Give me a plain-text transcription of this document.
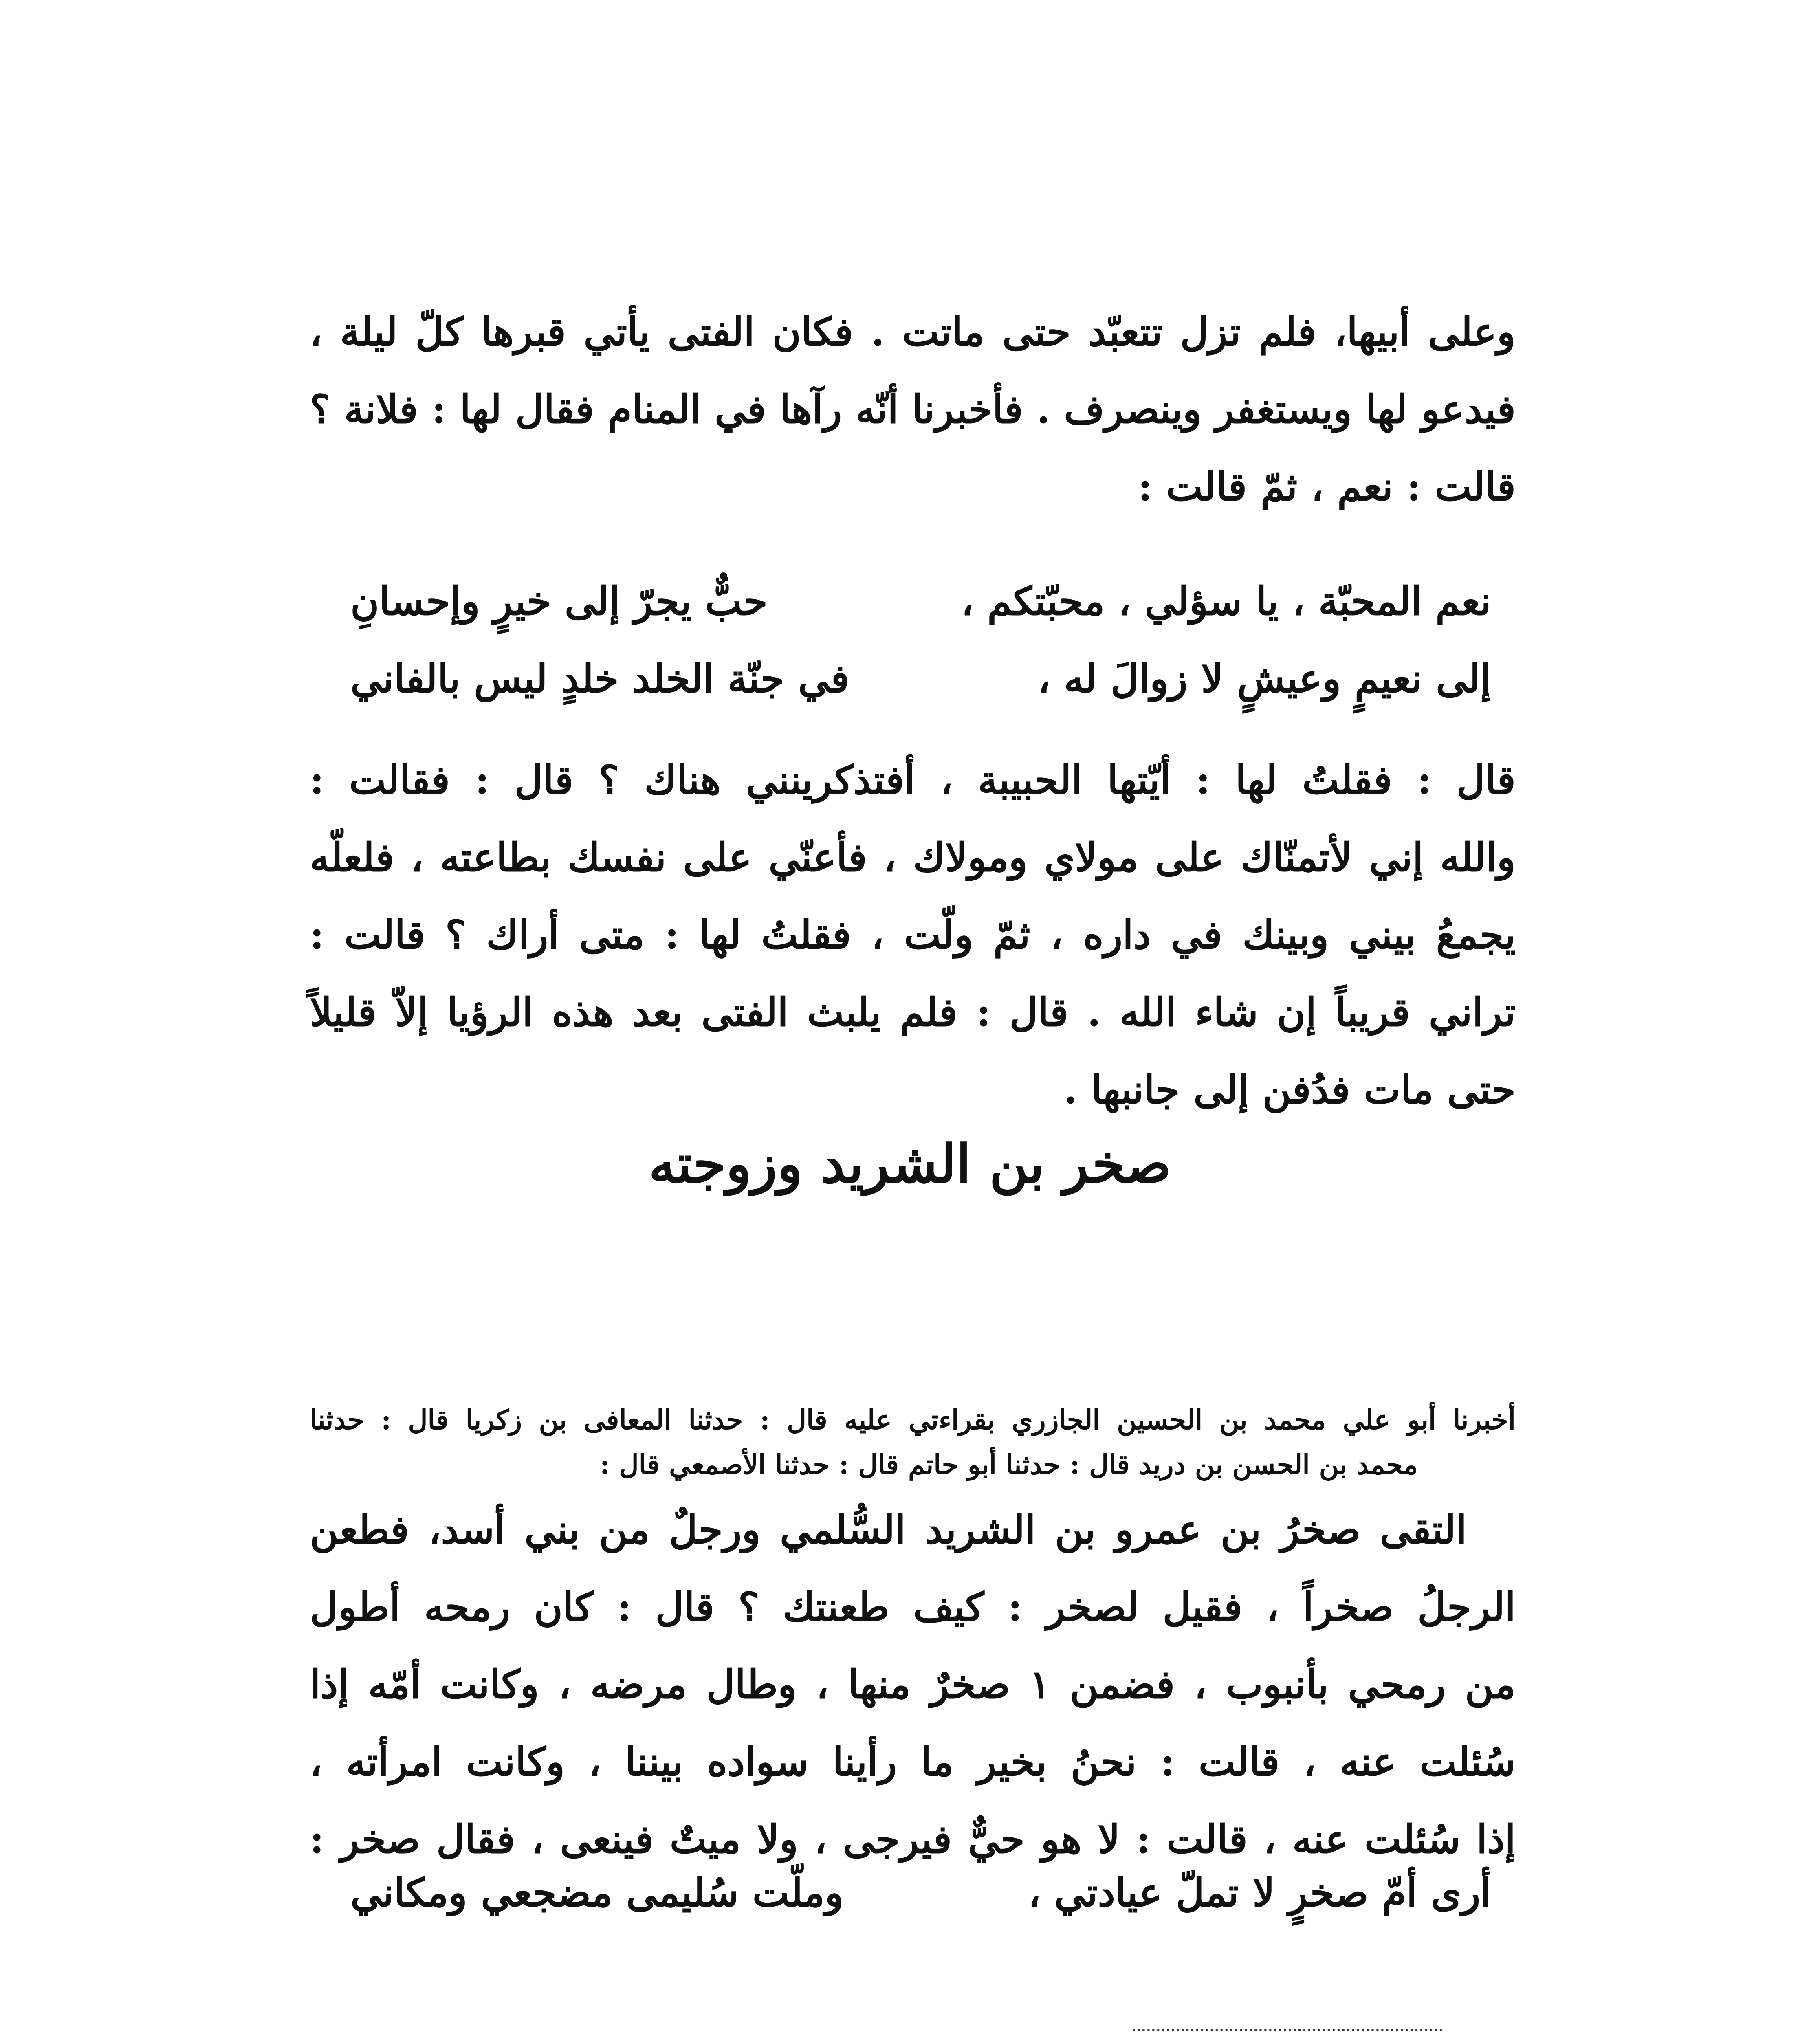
وعلى أبيها، فلم تزل تتعبّد حتى ماتت . فكان الفتى يأتي قبرها كلّ ليلة ،
فيدعو لها ويستغفر وينصرف . فأخبرنا أنّه رآها في المنام فقال لها : فلانة ؟
قالت : نعم ، ثمّ قالت :
نعم المحبّة ، يا سؤلي ، محبّتكم ،
حبٌّ يجرّ إلى خيرٍ وإحسانِ
إلى نعيمٍ وعيشٍ لا زوالَ له ،
في جنّة الخلد خلدٍ ليس بالفاني
قال : فقلتُ لها : أيّتها الحبيبة ، أفتذكرينني هناك ؟ قال : فقالت :
والله إني لأتمنّاك على مولاي ومولاك ، فأعنّي على نفسك بطاعته ، فلعلّه
يجمعُ بيني وبينك في داره ، ثمّ ولّت ، فقلتُ لها : متى أراك ؟ قالت :
تراني قريباً إن شاء الله . قال : فلم يلبث الفتى بعد هذه الرؤيا إلاّ قليلاً
حتى مات فدُفن إلى جانبها .
صخر بن الشريد وزوجته
أخبرنا أبو علي محمد بن الحسين الجازري بقراءتي عليه قال : حدثنا المعافى بن زكريا قال : حدثنا
محمد بن الحسن بن دريد قال : حدثنا أبو حاتم قال : حدثنا الأصمعي قال :
التقى صخرُ بن عمرو بن الشريد السُّلمي ورجلٌ من بني أسد، فطعن
الرجلُ صخراً ، فقيل لصخر : كيف طعنتك ؟ قال : كان رمحه أطول
من رمحي بأنبوب ، فضمن ١ صخرٌ منها ، وطال مرضه ، وكانت أمّه إذا
سُئلت عنه ، قالت : نحنُ بخير ما رأينا سواده بيننا ، وكانت امرأته ،
إذا سُئلت عنه ، قالت : لا هو حيٌّ فيرجى ، ولا ميتٌ فينعى ، فقال صخر :
أرى أمّ صخرٍ لا تملّ عيادتي ،
وملّت سُليمى مضجعي ومكاني
